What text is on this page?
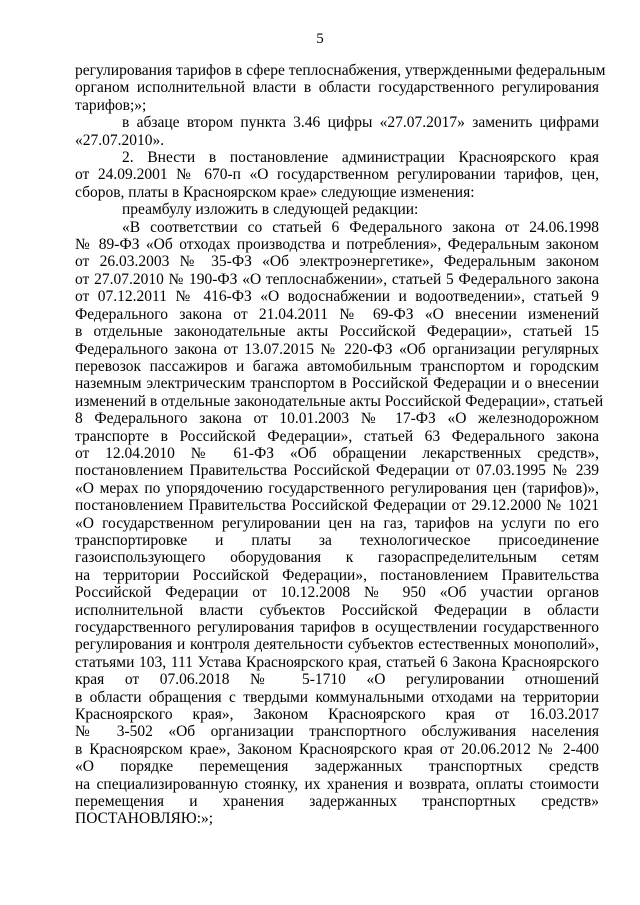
5
регулирования тарифов в сфере теплоснабжения, утвержденными федеральным
органом исполнительной власти в области государственного регулирования
тарифов;»;
в абзаце втором пункта 3.46 цифры «27.07.2017» заменить цифрами
«27.07.2010».
2. Внести в постановление администрации Красноярского края
от 24.09.2001 № 670-п «О государственном регулировании тарифов, цен,
сборов, платы в Красноярском крае» следующие изменения:
преамбулу изложить в следующей редакции:
«В соответствии со статьей 6 Федерального закона от 24.06.1998
№ 89-ФЗ «Об отходах производства и потребления», Федеральным законом
от 26.03.2003 № 35-ФЗ «Об электроэнергетике», Федеральным законом
от 27.07.2010 № 190-ФЗ «О теплоснабжении», статьей 5 Федерального закона
от 07.12.2011 № 416-ФЗ «О водоснабжении и водоотведении», статьей 9
Федерального закона от 21.04.2011 № 69-ФЗ «О внесении изменений
в отдельные законодательные акты Российской Федерации», статьей 15
Федерального закона от 13.07.2015 № 220-ФЗ «Об организации регулярных
перевозок пассажиров и багажа автомобильным транспортом и городским
наземным электрическим транспортом в Российской Федерации и о внесении
изменений в отдельные законодательные акты Российской Федерации», статьей
8 Федерального закона от 10.01.2003 № 17-ФЗ «О железнодорожном
транспорте в Российской Федерации», статьей 63 Федерального закона
от 12.04.2010 № 61-ФЗ «Об обращении лекарственных средств»,
постановлением Правительства Российской Федерации от 07.03.1995 № 239
«О мерах по упорядочению государственного регулирования цен (тарифов)»,
постановлением Правительства Российской Федерации от 29.12.2000 № 1021
«О государственном регулировании цен на газ, тарифов на услуги по его
транспортировке и платы за технологическое присоединение
газоиспользующего оборудования к газораспределительным сетям
на территории Российской Федерации», постановлением Правительства
Российской Федерации от 10.12.2008 № 950 «Об участии органов
исполнительной власти субъектов Российской Федерации в области
государственного регулирования тарифов в осуществлении государственного
регулирования и контроля деятельности субъектов естественных монополий»,
статьями 103, 111 Устава Красноярского края, статьей 6 Закона Красноярского
края от 07.06.2018 № 5-1710 «О регулировании отношений
в области обращения с твердыми коммунальными отходами на территории
Красноярского края», Законом Красноярского края от 16.03.2017
№ 3-502 «Об организации транспортного обслуживания населения
в Красноярском крае», Законом Красноярского края от 20.06.2012 № 2-400
«О порядке перемещения задержанных транспортных средств
на специализированную стоянку, их хранения и возврата, оплаты стоимости
перемещения и хранения задержанных транспортных средств»
ПОСТАНОВЛЯЮ:»;
